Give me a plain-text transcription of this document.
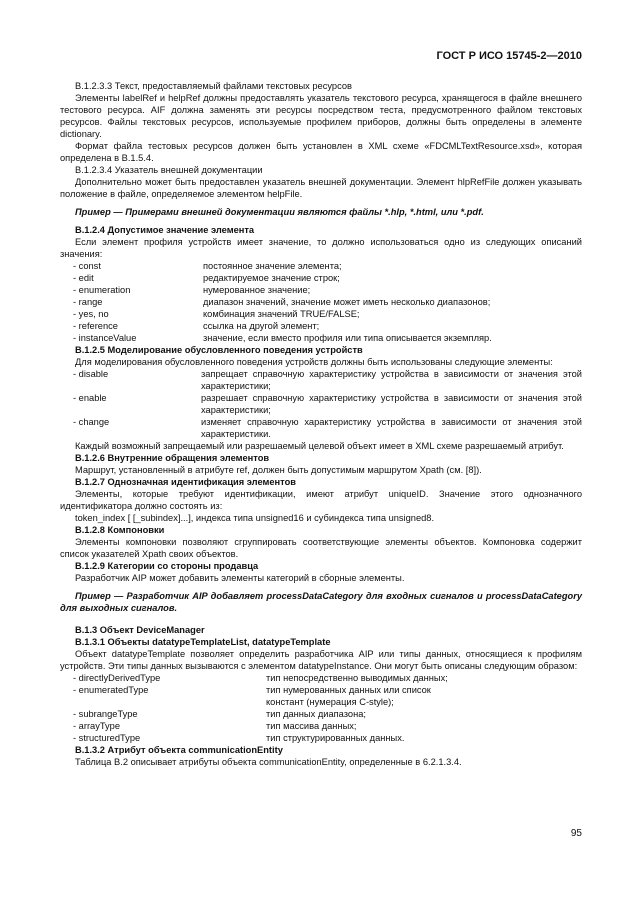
ГОСТ Р ИСО 15745-2—2010

B.1.2.3.3 Текст, предоставляемый файлами текстовых ресурсов

Элементы labelRef и helpRef должны предоставлять указатель текстового ресурса, хранящегося в файле внешнего тестового ресурса. AIF должна заменять эти ресурсы посредством теста, предусмотренного файлом текстовых ресурсов. Файлы текстовых ресурсов, используемые профилем приборов, должны быть определены в элементе dictionary.

Формат файла тестовых ресурсов должен быть установлен в XML схеме «FDCMLTextResource.xsd», которая определена в B.1.5.4.

B.1.2.3.4 Указатель внешней документации

Дополнительно может быть предоставлен указатель внешней документации. Элемент hlpRefFile должен указывать положение в файле, определяемое элементом helpFile.

Пример — Примерами внешней документации являются файлы *.hlp, *.html, или *.pdf.

B.1.2.4 Допустимое значение элемента

Если элемент профиля устройств имеет значение, то должно использоваться одно из следующих описаний значения:

- const	постоянное значение элемента;
- edit	редактируемое значение строк;
- enumeration	нумерованное значение;
- range	диапазон значений, значение может иметь несколько диапазонов;
- yes, no	комбинация значений TRUE/FALSE;
- reference	ссылка на другой элемент;
- instanceValue	значение, если вместо профиля или типа описывается экземпляр.

B.1.2.5 Моделирование обусловленного поведения устройств

Для моделирования обусловленного поведения устройств должны быть использованы следующие элементы:

- disable	запрещает справочную характеристику устройства в зависимости от значения этой характеристики;
- enable	разрешает справочную характеристику устройства в зависимости от значения этой характеристики;
- change	изменяет справочную характеристику устройства в зависимости от значения этой характеристики.

Каждый возможный запрещаемый или разрешаемый целевой объект имеет в XML схеме разрешаемый атрибут.

B.1.2.6 Внутренние обращения элементов

Маршрут, установленный в атрибуте ref, должен быть допустимым маршрутом Xpath (см. [8]).

B.1.2.7 Однозначная идентификация элементов

Элементы, которые требуют идентификации, имеют атрибут uniqueID. Значение этого однозначного идентификатора должно состоять из:

token_index [ [_subindex]...], индекса типа unsigned16 и субиндекса типа unsigned8.

B.1.2.8 Компоновки

Элементы компоновки позволяют сгруппировать соответствующие элементы объектов. Компоновка содержит список указателей Xpath своих объектов.

B.1.2.9 Категории со стороны продавца

Разработчик AIP может добавить элементы категорий в сборные элементы.

Пример — Разработчик AIP добавляет processDataCategory для входных сигналов и processDataCategory для выходных сигналов.

B.1.3 Объект DeviceManager

B.1.3.1 Объекты datatypeTemplateList, datatypeTemplate

Объект datatypeTemplate позволяет определить разработчика AIP или типы данных, относящиеся к профилям устройств. Эти типы данных вызываются с элементом datatypeInstance. Они могут быть описаны следующим образом:

- directlyDerivedType	тип непосредственно выводимых данных;
- enumeratedType	тип нумерованных данных или список
констант (нумерация C-style);
- subrangeType	тип данных диапазона;
- arrayType	тип массива данных;
- structuredType	тип структурированных данных.

B.1.3.2 Атрибут объекта communicationEntity

Таблица В.2 описывает атрибуты объекта communicationEntity, определенные в 6.2.1.3.4.

95
